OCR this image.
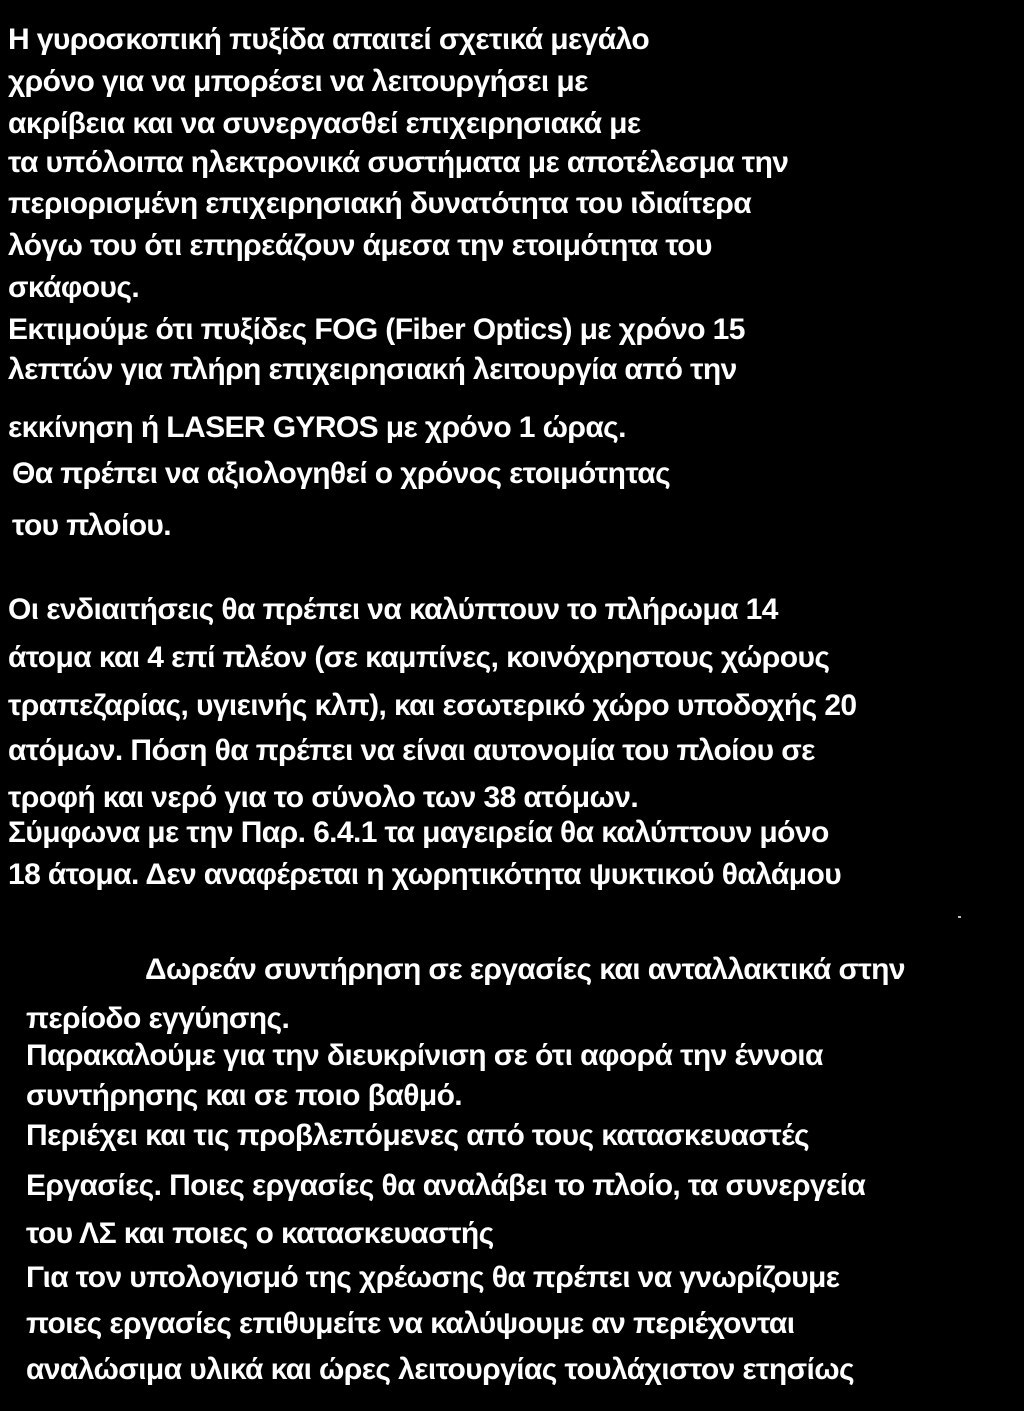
Η γυροσκοπική πυξίδα απαιτεί σχετικά μεγάλο
χρόνο για να μπορέσει να λειτουργήσει με
ακρίβεια και να συνεργασθεί επιχειρησιακά με
τα υπόλοιπα ηλεκτρονικά συστήματα με αποτέλεσμα την
περιορισμένη επιχειρησιακή δυνατότητα του ιδιαίτερα
λόγω του ότι επηρεάζουν άμεσα την ετοιμότητα του
σκάφους.
Εκτιμούμε ότι πυξίδες FOG (Fiber Optics) με χρόνο 15
λεπτών για πλήρη επιχειρησιακή λειτουργία από την
εκκίνηση ή LASER GYROS με χρόνο 1 ώρας.
Θα πρέπει να αξιολογηθεί ο χρόνος ετοιμότητας
του πλοίου.
Οι ενδιαιτήσεις θα πρέπει να καλύπτουν το πλήρωμα 14
άτομα και 4 επί πλέον (σε καμπίνες, κοινόχρηστους χώρους
τραπεζαρίας, υγιεινής κλπ), και εσωτερικό χώρο υποδοχής 20
ατόμων. Πόση θα πρέπει να είναι αυτονομία του πλοίου σε
τροφή και νερό για το σύνολο των 38 ατόμων.
Σύμφωνα με την Παρ. 6.4.1 τα μαγειρεία θα καλύπτουν μόνο
18 άτομα. Δεν αναφέρεται η χωρητικότητα ψυκτικού θαλάμου
Δωρεάν συντήρηση σε εργασίες και ανταλλακτικά στην
περίοδο εγγύησης.
Παρακαλούμε για την διευκρίνιση σε ότι αφορά την έννοια
συντήρησης και σε ποιο βαθμό.
Περιέχει και τις προβλεπόμενες από τους κατασκευαστές
Εργασίες. Ποιες εργασίες θα αναλάβει το πλοίο, τα συνεργεία
του ΛΣ και ποιες ο κατασκευαστής
Για τον υπολογισμό της χρέωσης θα πρέπει να γνωρίζουμε
ποιες εργασίες επιθυμείτε να καλύψουμε αν περιέχονται
αναλώσιμα υλικά και ώρες λειτουργίας τουλάχιστον ετησίως
